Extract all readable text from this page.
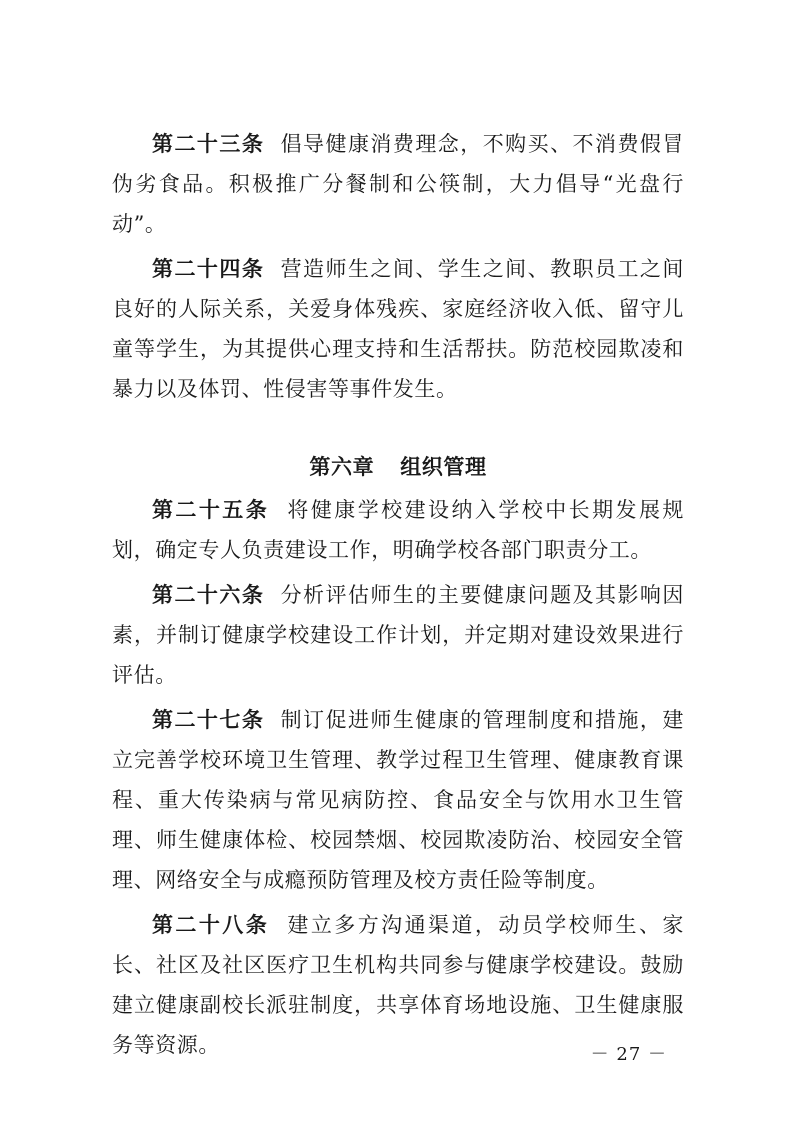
第二十三条 倡导健康消费理念，不购买、不消费假冒伪劣食品。积极推广分餐制和公筷制，大力倡导“光盘行动”。

第二十四条 营造师生之间、学生之间、教职员工之间良好的人际关系，关爱身体残疾、家庭经济收入低、留守儿童等学生，为其提供心理支持和生活帮扶。防范校园欺凌和暴力以及体罚、性侵害等事件发生。

第六章 组织管理

第二十五条 将健康学校建设纳入学校中长期发展规划，确定专人负责建设工作，明确学校各部门职责分工。

第二十六条 分析评估师生的主要健康问题及其影响因素，并制订健康学校建设工作计划，并定期对建设效果进行评估。

第二十七条 制订促进师生健康的管理制度和措施，建立完善学校环境卫生管理、教学过程卫生管理、健康教育课程、重大传染病与常见病防控、食品安全与饮用水卫生管理、师生健康体检、校园禁烟、校园欺凌防治、校园安全管理、网络安全与成瘾预防管理及校方责任险等制度。

第二十八条 建立多方沟通渠道，动员学校师生、家长、社区及社区医疗卫生机构共同参与健康学校建设。鼓励建立健康副校长派驻制度，共享体育场地设施、卫生健康服务等资源。	－ 27 －
